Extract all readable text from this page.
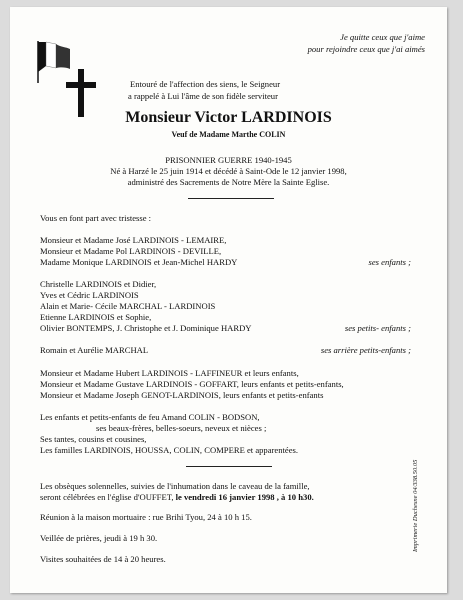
Je quitte ceux que j'aime
pour rejoindre ceux que j'ai aimés
Entouré de l'affection des siens, le Seigneur
a rappelé à Lui l'âme de son fidèle serviteur
Monsieur Victor LARDINOIS
Veuf de Madame Marthe COLIN
PRISONNIER GUERRE 1940-1945
Né à Harzé le 25 juin 1914 et décédé à Saint-Ode le 12 janvier 1998,
administré des Sacrements de Notre Mère la Sainte Eglise.
Vous en font part avec tristesse :
Monsieur et Madame José LARDINOIS - LEMAIRE,
Monsieur et Madame Pol LARDINOIS - DEVILLE,
Madame Monique LARDINOIS et Jean-Michel HARDY	ses enfants ;
Christelle LARDINOIS et Didier,
Yves et Cédric LARDINOIS
Alain et Marie- Cécile MARCHAL - LARDINOIS
Etienne LARDINOIS et Sophie,
Olivier BONTEMPS, J. Christophe et J. Dominique HARDY	ses petits- enfants ;
Romain et Aurélie MARCHAL	ses arrière petits-enfants ;
Monsieur et Madame Hubert LARDINOIS - LAFFINEUR et leurs enfants,
Monsieur et Madame Gustave LARDINOIS - GOFFART, leurs enfants et petits-enfants,
Monsieur et Madame Joseph GENOT-LARDINOIS, leurs enfants et petits-enfants
Les enfants et petits-enfants de feu Amand COLIN - BODSON,
ses beaux-frères, belles-soeurs, neveux et nièces ;
Ses tantes, cousins et cousines,
Les familles LARDINOIS, HOUSSA, COLIN, COMPERE et apparentées.
Les obsèques solennelles, suivies de l'inhumation dans le caveau de la famille,
seront célébrées en l'église d'OUFFET, le vendredi 16 janvier 1998 , à 10 h30.
Réunion à la maison mortuaire : rue Brihi Tyou, 24 à 10 h 15.
Veillée de prières, jeudi à 19 h 30.
Visites souhaitées de 14 à 20 heures.
Imprimerie Duchesne 04/338.50.05
